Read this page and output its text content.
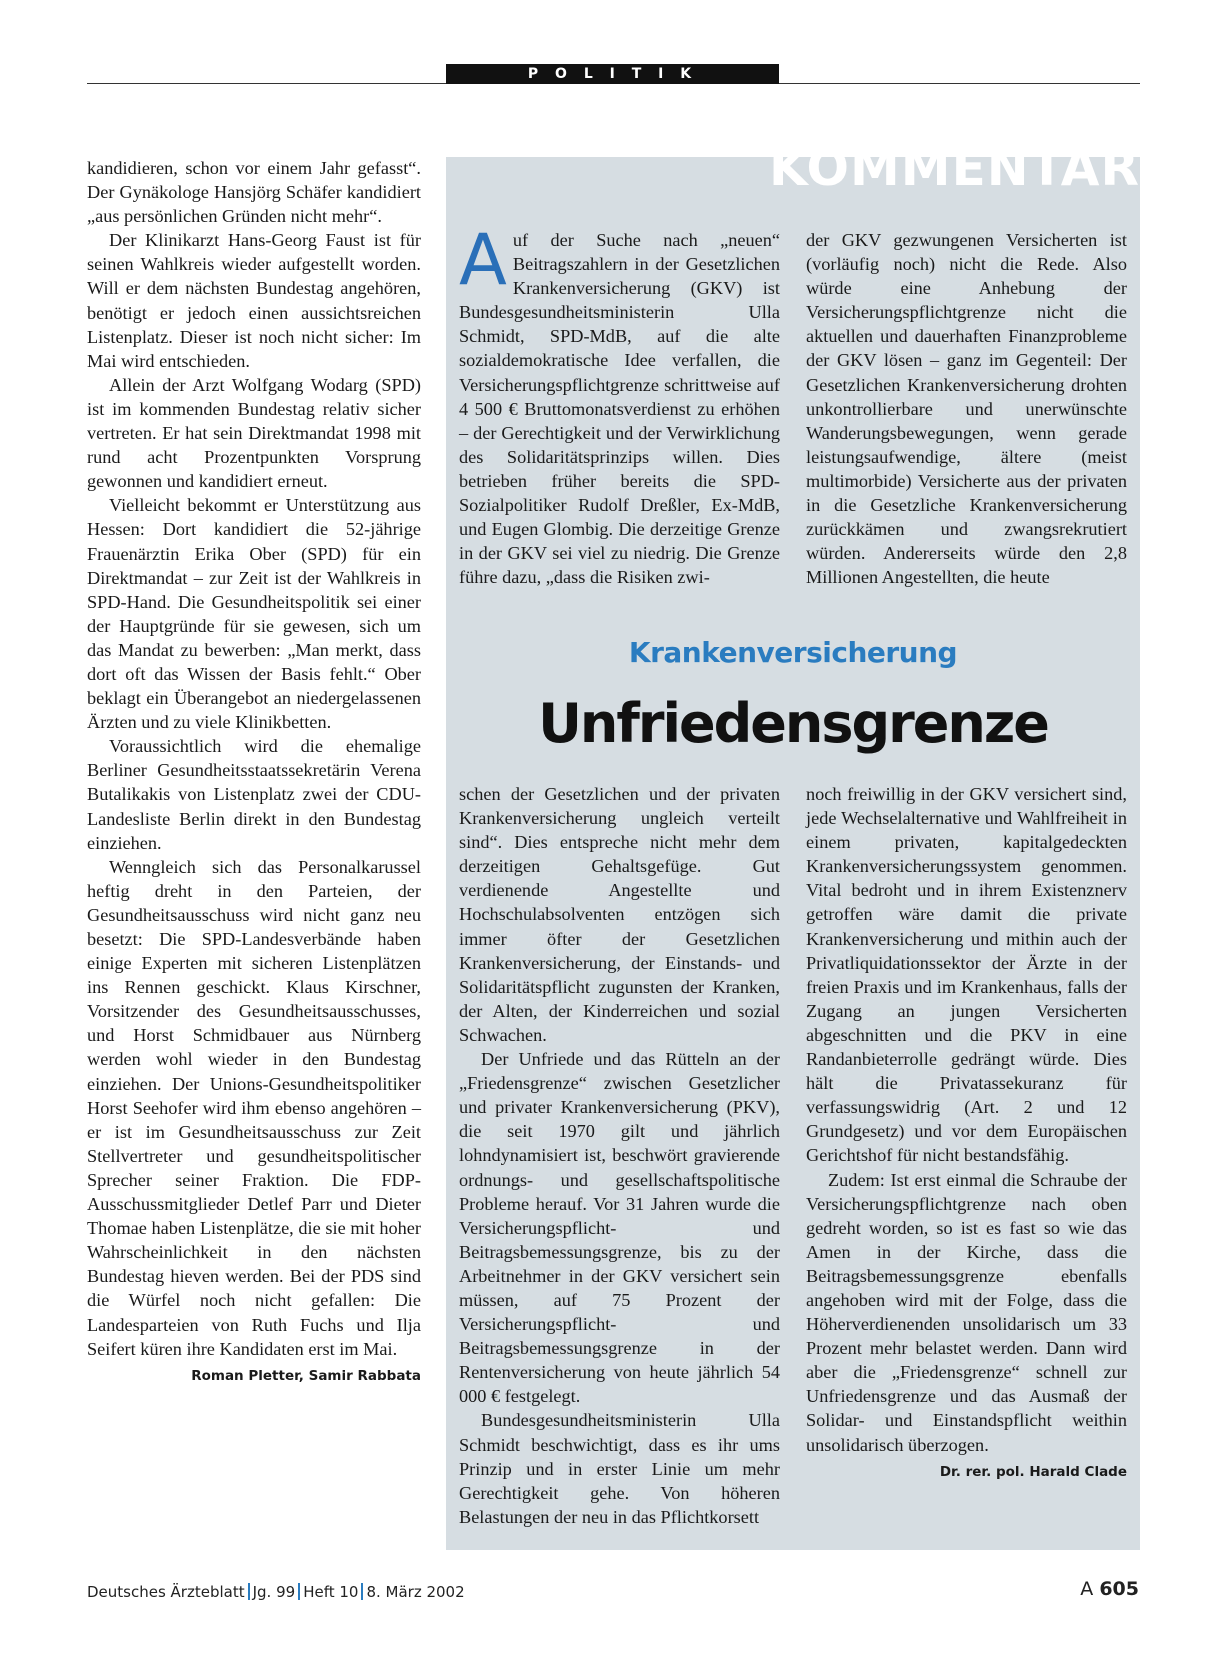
P O L I T I K

kandidieren, schon vor einem Jahr gefasst“. Der Gynäkologe Hansjörg Schäfer kandidiert „aus persönlichen Gründen nicht mehr“.

Der Klinikarzt Hans-Georg Faust ist für seinen Wahlkreis wieder aufgestellt worden. Will er dem nächsten Bundestag angehören, benötigt er jedoch einen aussichtsreichen Listenplatz. Dieser ist noch nicht sicher: Im Mai wird entschieden.

Allein der Arzt Wolfgang Wodarg (SPD) ist im kommenden Bundestag relativ sicher vertreten. Er hat sein Direktmandat 1998 mit rund acht Prozentpunkten Vorsprung gewonnen und kandidiert erneut.

Vielleicht bekommt er Unterstützung aus Hessen: Dort kandidiert die 52-jährige Frauenärztin Erika Ober (SPD) für ein Direktmandat – zur Zeit ist der Wahlkreis in SPD-Hand. Die Gesundheitspolitik sei einer der Hauptgründe für sie gewesen, sich um das Mandat zu bewerben: „Man merkt, dass dort oft das Wissen der Basis fehlt.“ Ober beklagt ein Überangebot an niedergelassenen Ärzten und zu viele Klinikbetten.

Voraussichtlich wird die ehemalige Berliner Gesundheitsstaatssekretärin Verena Butalikakis von Listenplatz zwei der CDU-Landesliste Berlin direkt in den Bundestag einziehen.

Wenngleich sich das Personalkarussel heftig dreht in den Parteien, der Gesundheitsausschuss wird nicht ganz neu besetzt: Die SPD-Landesverbände haben einige Experten mit sicheren Listenplätzen ins Rennen geschickt. Klaus Kirschner, Vorsitzender des Gesundheitsausschusses, und Horst Schmidbauer aus Nürnberg werden wohl wieder in den Bundestag einziehen. Der Unions-Gesundheitspolitiker Horst Seehofer wird ihm ebenso angehören – er ist im Gesundheitsausschuss zur Zeit Stellvertreter und gesundheitspolitischer Sprecher seiner Fraktion. Die FDP-Ausschussmitglieder Detlef Parr und Dieter Thomae haben Listenplätze, die sie mit hoher Wahrscheinlichkeit in den nächsten Bundestag hieven werden. Bei der PDS sind die Würfel noch nicht gefallen: Die Landesparteien von Ruth Fuchs und Ilja Seifert küren ihre Kandidaten erst im Mai.
Roman Pletter, Samir Rabbata

KOMMENTAR

Auf der Suche nach „neuen“ Beitragszahlern in der Gesetzlichen Krankenversicherung (GKV) ist Bundesgesundheitsministerin Ulla Schmidt, SPD-MdB, auf die alte sozialdemokratische Idee verfallen, die Versicherungspflichtgrenze schrittweise auf 4 500 € Bruttomonatsverdienst zu erhöhen – der Gerechtigkeit und der Verwirklichung des Solidaritätsprinzips willen. Dies betrieben früher bereits die SPD-Sozialpolitiker Rudolf Dreßler, Ex-MdB, und Eugen Glombig. Die derzeitige Grenze in der GKV sei viel zu niedrig. Die Grenze führe dazu, „dass die Risiken zwi-

der GKV gezwungenen Versicherten ist (vorläufig noch) nicht die Rede. Also würde eine Anhebung der Versicherungspflichtgrenze nicht die aktuellen und dauerhaften Finanzprobleme der GKV lösen – ganz im Gegenteil: Der Gesetzlichen Krankenversicherung drohten unkontrollierbare und unerwünschte Wanderungsbewegungen, wenn gerade leistungsaufwendige, ältere (meist multimorbide) Versicherte aus der privaten in die Gesetzliche Krankenversicherung zurückkämen und zwangsrekrutiert würden. Andererseits würde den 2,8 Millionen Angestellten, die heute

Krankenversicherung
Unfriedensgrenze

schen der Gesetzlichen und der privaten Krankenversicherung ungleich verteilt sind“. Dies entspreche nicht mehr dem derzeitigen Gehaltsgefüge. Gut verdienende Angestellte und Hochschulabsolventen entzögen sich immer öfter der Gesetzlichen Krankenversicherung, der Einstands- und Solidaritätspflicht zugunsten der Kranken, der Alten, der Kinderreichen und sozial Schwachen.

Der Unfriede und das Rütteln an der „Friedensgrenze“ zwischen Gesetzlicher und privater Krankenversicherung (PKV), die seit 1970 gilt und jährlich lohndynamisiert ist, beschwört gravierende ordnungs- und gesellschaftspolitische Probleme herauf. Vor 31 Jahren wurde die Versicherungspflicht- und Beitragsbemessungsgrenze, bis zu der Arbeitnehmer in der GKV versichert sein müssen, auf 75 Prozent der Versicherungspflicht- und Beitragsbemessungsgrenze in der Rentenversicherung von heute jährlich 54 000 € festgelegt.

Bundesgesundheitsministerin Ulla Schmidt beschwichtigt, dass es ihr ums Prinzip und in erster Linie um mehr Gerechtigkeit gehe. Von höheren Belastungen der neu in das Pflichtkorsett

noch freiwillig in der GKV versichert sind, jede Wechselalternative und Wahlfreiheit in einem privaten, kapitalgedeckten Krankenversicherungssystem genommen. Vital bedroht und in ihrem Existenznerv getroffen wäre damit die private Krankenversicherung und mithin auch der Privatliquidationssektor der Ärzte in der freien Praxis und im Krankenhaus, falls der Zugang an jungen Versicherten abgeschnitten und die PKV in eine Randanbieterrolle gedrängt würde. Dies hält die Privatassekuranz für verfassungswidrig (Art. 2 und 12 Grundgesetz) und vor dem Europäischen Gerichtshof für nicht bestandsfähig.

Zudem: Ist erst einmal die Schraube der Versicherungspflichtgrenze nach oben gedreht worden, so ist es fast so wie das Amen in der Kirche, dass die Beitragsbemessungsgrenze ebenfalls angehoben wird mit der Folge, dass die Höherverdienenden unsolidarisch um 33 Prozent mehr belastet werden. Dann wird aber die „Friedensgrenze“ schnell zur Unfriedensgrenze und das Ausmaß der Solidar- und Einstandspflicht weithin unsolidarisch überzogen.
Dr. rer. pol. Harald Clade

Deutsches Ärzteblatt Jg. 99 Heft 10 8. März 2002	A 605
